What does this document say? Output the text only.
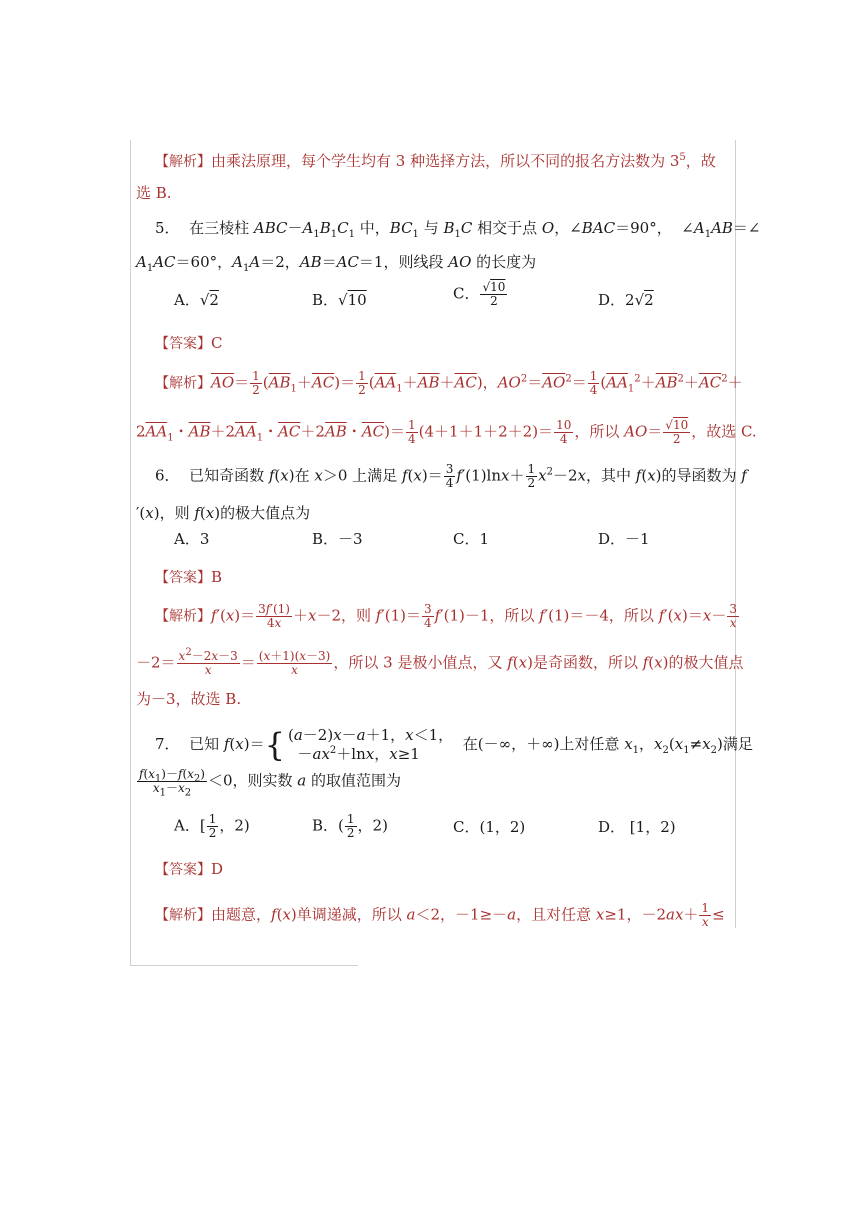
【解析】由乘法原理，每个学生均有 3 种选择方法，所以不同的报名方法数为 $3^5$，故
选 B.
5．  在三棱柱 $ABC-A_1B_1C_1$ 中，$BC_1$ 与 $B_1C$ 相交于点 O，∠BAC＝90°，  $\angle A_1AB=\angle$
$A_1AC=60^\circ$，$A_1A=2$，AB＝AC＝1，则线段 AO 的长度为
A．√2	B．√10	C． $\frac{√10}{2}$	D．2√2
【答案】C
【解析】$\overline{AO}= \frac{1}{2} (\overline{AB}_1+\overline{AC})= \frac{1}{2} (\overline{AA}_1+\overline{AB}+\overline{AC})$，$AO^2=\overline{AO}^2= \frac{1}{4} (\overline{AA}_1^2+\overline{AB}^2+\overline{AC}^2+$
$2\overline{AA}_1$・$\overline{AB}+2\overline{AA}_1$・$\overline{AC}+2\overline{AB}$・$\overline{AC})= \frac{1}{4} (4+1+1+2+2)= \frac{10}{4}$ ，所以 $AO= \frac{√10}{2}$ ，故选 C.
6．  已知奇函数 f(x)在 x＞0 上满足 $f(x)= \frac{3}{4} f'(1)\ln x+ \frac{1}{2} x^2-2x$，其中 f(x)的导函数为 f
′(x)，则 f(x)的极大值点为
A．3	B．－3	C．1	D．－1
【答案】B
【解析】$f'(x)= \frac{3f'(1)}{4x} +x-2$，则 $f'(1)= \frac{3}{4} f'(1)-1$，所以 f′(1)＝－4，所以 $f'(x)=x- \frac{3}{x}$
$-2= \frac{x^2-2x-3}{x} = \frac{(x+1)(x-3)}{x}$ ，所以 3 是极小值点，又 f(x)是奇函数，所以 f(x)的极大值点
为－3，故选 B.
7．  已知 f(x)＝{ (a－2)x－a＋1，x＜1，
$-ax^2+\ln x$，x≥1
在(－∞，＋∞)上对任意 $x_1$，$x_2(x_1\ne x_2)$满足
$\frac{f(x_1)-f(x_2)}{x_1-x_2} <0$，则实数 a 的取值范围为
A．[ $\frac{1}{2}$ ，2)	B．( $\frac{1}{2}$ ，2)	C．(1，2)	D． [1，2)
【答案】D
【解析】由题意，f(x)单调递减，所以 a＜2，－1≥－a，且对任意 x≥1，$-2ax+ \frac{1}{x}$ ≤
